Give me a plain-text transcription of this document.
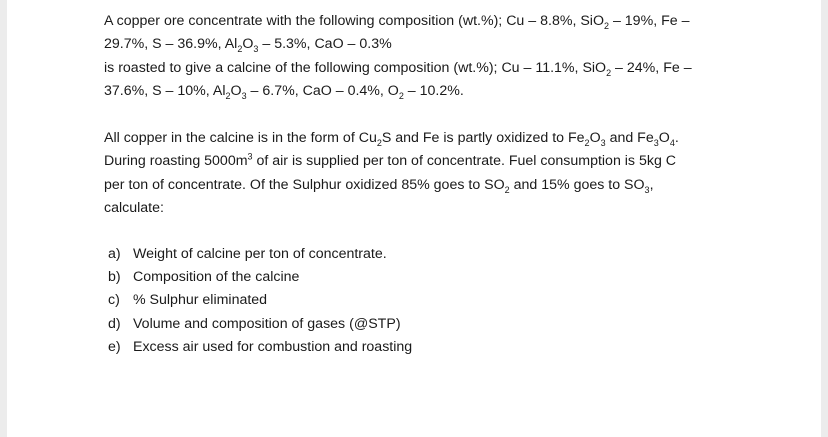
A copper ore concentrate with the following composition (wt.%); Cu – 8.8%, SiO$_2$ – 19%, Fe –
29.7%, S – 36.9%, $Al_2O_3 - 5.3\%$, CaO – 0.3%

is roasted to give a calcine of the following composition (wt.%); Cu – 11.1%, SiO$_2$ – 24%, Fe –
37.6%, S – 10%, $Al_2O_3 - 6.7\%$, CaO – 0.4%, $O_2 - 10.2\%$.

All copper in the calcine is in the form of $Cu_2S$ and Fe is partly oxidized to $Fe_2O_3$ and $Fe_3O_4$.
During roasting $5000m^3$ of air is supplied per ton of concentrate. Fuel consumption is 5kg C
per ton of concentrate. Of the Sulphur oxidized 85% goes to $SO_2$ and 15% goes to $SO_3$,
calculate:

a) Weight of calcine per ton of concentrate.
b) Composition of the calcine
c) % Sulphur eliminated
d) Volume and composition of gases (@STP)
e) Excess air used for combustion and roasting
